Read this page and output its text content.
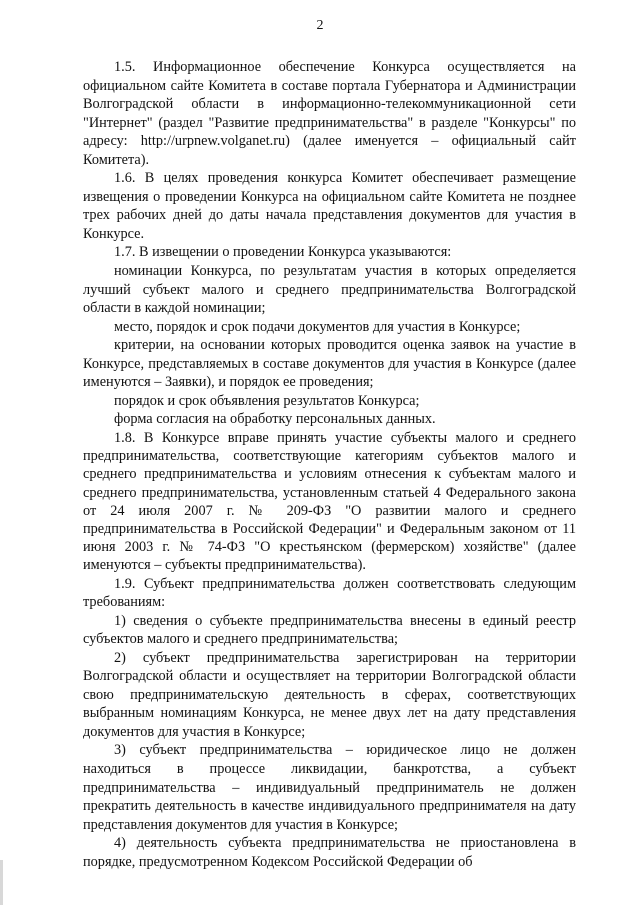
2

1.5. Информационное обеспечение Конкурса осуществляется на официальном сайте Комитета в составе портала Губернатора и Администрации Волгоградской области в информационно-телекоммуникационной сети "Интернет" (раздел "Развитие предпринимательства" в разделе "Конкурсы" по адресу: http://urpnew.volganet.ru) (далее именуется – официальный сайт Комитета).

1.6. В целях проведения конкурса Комитет обеспечивает размещение извещения о проведении Конкурса на официальном сайте Комитета не позднее трех рабочих дней до даты начала представления документов для участия в Конкурсе.

1.7. В извещении о проведении Конкурса указываются:

номинации Конкурса, по результатам участия в которых определяется лучший субъект малого и среднего предпринимательства Волгоградской области в каждой номинации;

место, порядок и срок подачи документов для участия в Конкурсе;

критерии, на основании которых проводится оценка заявок на участие в Конкурсе, представляемых в составе документов для участия в Конкурсе (далее именуются – Заявки), и порядок ее проведения;

порядок и срок объявления результатов Конкурса;

форма согласия на обработку персональных данных.

1.8. В Конкурсе вправе принять участие субъекты малого и среднего предпринимательства, соответствующие категориям субъектов малого и среднего предпринимательства и условиям отнесения к субъектам малого и среднего предпринимательства, установленным статьей 4 Федерального закона от 24 июля 2007 г. № 209-ФЗ "О развитии малого и среднего предпринимательства в Российской Федерации" и Федеральным законом от 11 июня 2003 г. № 74-ФЗ "О крестьянском (фермерском) хозяйстве" (далее именуются – субъекты предпринимательства).

1.9. Субъект предпринимательства должен соответствовать следующим требованиям:

1) сведения о субъекте предпринимательства внесены в единый реестр субъектов малого и среднего предпринимательства;

2) субъект предпринимательства зарегистрирован на территории Волгоградской области и осуществляет на территории Волгоградской области свою предпринимательскую деятельность в сферах, соответствующих выбранным номинациям Конкурса, не менее двух лет на дату представления документов для участия в Конкурсе;

3) субъект предпринимательства – юридическое лицо не должен находиться в процессе ликвидации, банкротства, а субъект предпринимательства – индивидуальный предприниматель не должен прекратить деятельность в качестве индивидуального предпринимателя на дату представления документов для участия в Конкурсе;

4) деятельность субъекта предпринимательства не приостановлена в порядке, предусмотренном Кодексом Российской Федерации об
